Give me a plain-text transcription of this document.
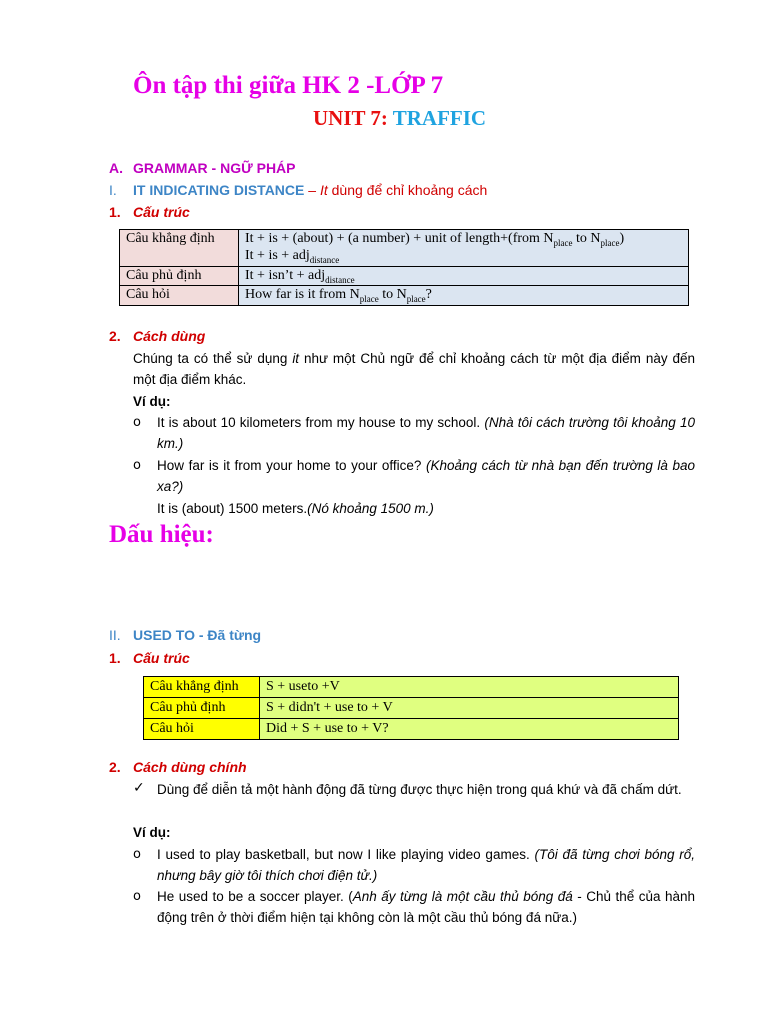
Ôn tập thi giữa HK 2 -LỚP 7
UNIT 7: TRAFFIC
A. GRAMMAR - NGỮ PHÁP
I. IT INDICATING DISTANCE – It dùng để chỉ khoảng cách
1. Cấu trúc
Câu khẳng định	It + is + (about) + (a number) + unit of length+(from $N_{place}$ to $N_{place}$)
It + is + adj$_{distance}$

Câu phủ định	It + isn’t + adj$_{distance}$
Câu hỏi	How far is it from $N_{place}$ to $N_{place}$?
2. Cách dùng
Chúng ta có thể sử dụng it như một Chủ ngữ để chỉ khoảng cách từ một địa điểm này đến một địa điểm khác.
Ví dụ:
o It is about 10 kilometers from my house to my school. (Nhà tôi cách trường tôi khoảng 10 km.)
o How far is it from your home to your office? (Khoảng cách từ nhà bạn đến trường là bao xa?)
It is (about) 1500 meters.(Nó khoảng 1500 m.)
Dấu hiệu:
II. USED TO - Đã từng
1. Cấu trúc
Câu khẳng định	S + useto +V
Câu phủ định	S + didn't + use to + V
Câu hỏi	Did + S + use to + V?
2. Cách dùng chính
✓ Dùng để diễn tả một hành động đã từng được thực hiện trong quá khứ và đã chấm dứt.
Ví dụ:
o I used to play basketball, but now I like playing video games. (Tôi đã từng chơi bóng rổ, nhưng bây giờ tôi thích chơi điện tử.)
o He used to be a soccer player. (Anh ấy từng là một cầu thủ bóng đá - Chủ thể của hành động trên ở thời điểm hiện tại không còn là một cầu thủ bóng đá nữa.)
